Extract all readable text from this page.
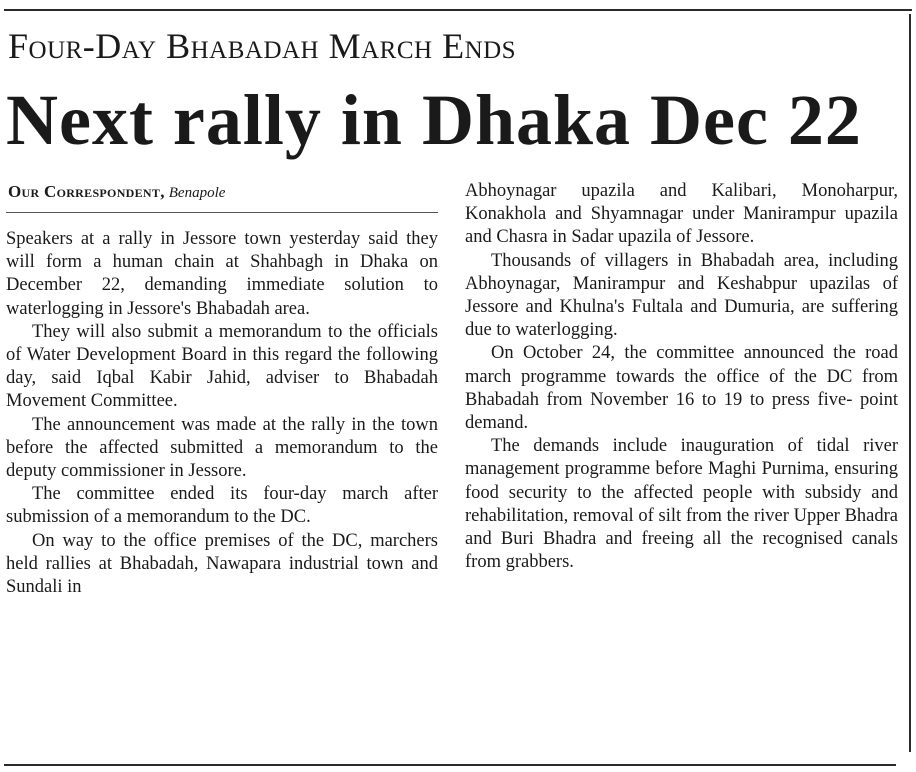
Four-Day Bhabadah March Ends
Next rally in Dhaka Dec 22
Our Correspondent, Benapole

Speakers at a rally in Jessore town yesterday said they will form a human chain at Shahbagh in Dhaka on December 22, demanding immediate solution to waterlogging in Jessore's Bhabadah area.

They will also submit a memorandum to the officials of Water Development Board in this regard the following day, said Iqbal Kabir Jahid, adviser to Bhabadah Movement Committee.

The announcement was made at the rally in the town before the affected submitted a memorandum to the deputy commissioner in Jessore.

The committee ended its four-day march after submission of a memorandum to the DC.

On way to the office premises of the DC, marchers held rallies at Bhabadah, Nawapara industrial town and Sundali in

Abhoynagar upazila and Kalibari, Monoharpur, Konakhola and Shyamnagar under Manirampur upazila and Chasra in Sadar upazila of Jessore.

Thousands of villagers in Bhabadah area, including Abhoynagar, Manirampur and Keshabpur upazilas of Jessore and Khulna's Fultala and Dumuria, are suffering due to waterlogging.

On October 24, the committee announced the road march programme towards the office of the DC from Bhabadah from November 16 to 19 to press five- point demand.

The demands include inauguration of tidal river management programme before Maghi Purnima, ensuring food security to the affected people with subsidy and rehabilitation, removal of silt from the river Upper Bhadra and Buri Bhadra and freeing all the recognised canals from grabbers.
